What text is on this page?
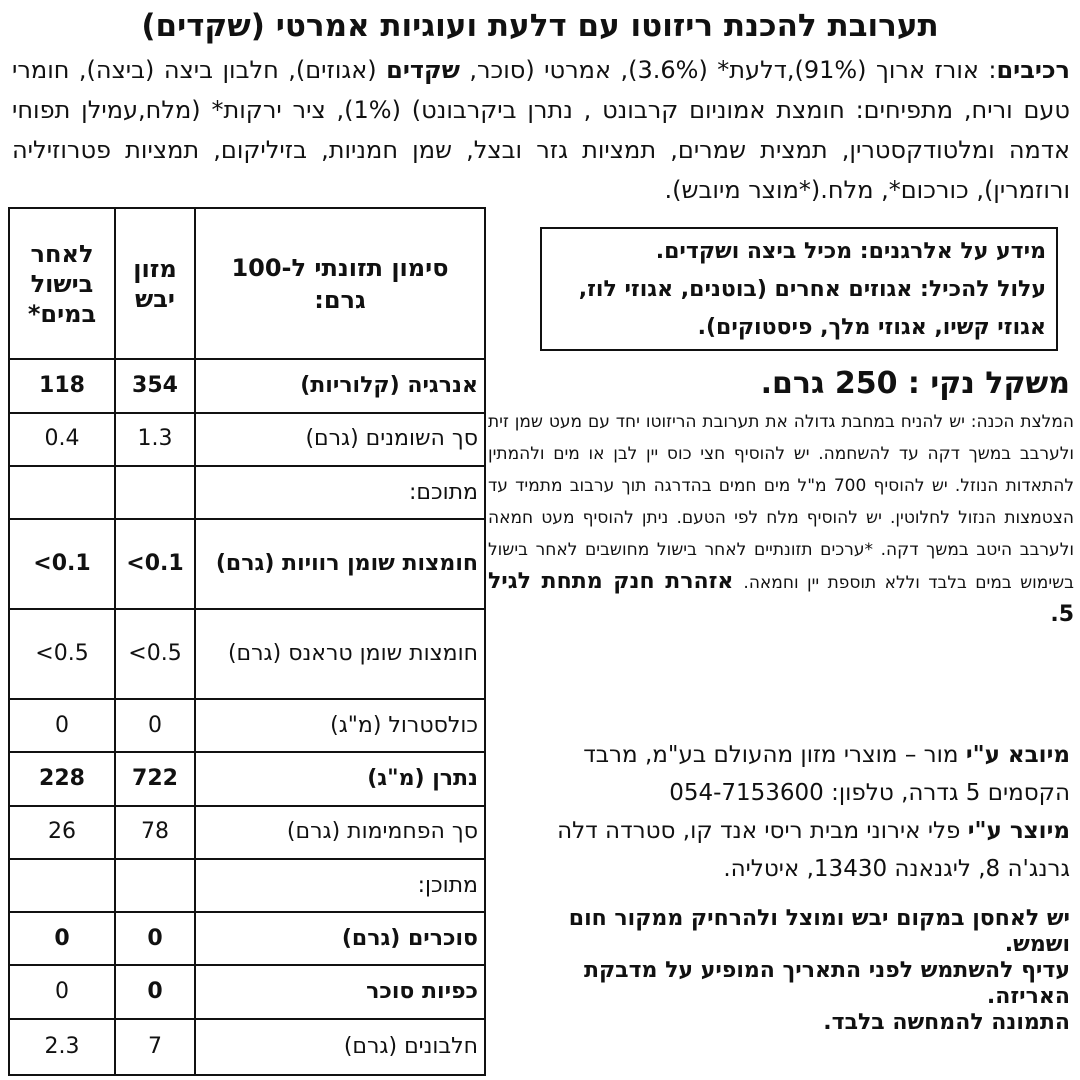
תערובת להכנת ריזוטו עם דלעת ועוגיות אמרטי (שקדים)
רכיבים: אורז ארוך (91%),דלעת* (3.6%), אמרטי (סוכר, שקדים (אגוזים), חלבון ביצה (ביצה), חומרי טעם וריח, מתפיחים: חומצת אמוניום קרבונט , נתרן ביקרבונט) (1%), ציר ירקות* (מלח,עמילן תפוחי אדמה ומלטודקסטרין, תמצית שמרים, תמציות גזר ובצל, שמן חמניות, בזיליקום, תמציות פטרוזיליה ורוזמרין), כורכום*, מלח.(*מוצר מיובש).
סימון תזונתי ל-100 גרם:	מזון יבש	לאחר בישול במים*
אנרגיה (קלוריות)	354	118
סך השומנים (גרם)	1.3	0.4
מתוכם:		
חומצות שומן רוויות (גרם)	0.1>	0.1>
חומצות שומן טראנס (גרם)	0.5>	0.5>
כולסטרול (מ"ג)	0	0
נתרן (מ"ג)	722	228
סך הפחמימות (גרם)	78	26
מתוכן:		
סוכרים (גרם)	0	0
כפיות סוכר	0	0
חלבונים (גרם)	7	2.3
מידע על אלרגנים: מכיל ביצה ושקדים.
עלול להכיל: אגוזים אחרים (בוטנים, אגוזי לוז, אגוזי קשיו, אגוזי מלך, פיסטוקים).
משקל נקי : 250 גרם.
המלצת הכנה: יש להניח במחבת גדולה את תערובת הריזוטו יחד עם מעט שמן זית ולערבב במשך דקה עד להשחמה. יש להוסיף חצי כוס יין לבן או מים ולהמתין להתאדות הנוזל. יש להוסיף 700 מ"ל מים חמים בהדרגה תוך ערבוב מתמיד עד הצטמצות הנזול לחלוטין. יש להוסיף מלח לפי הטעם. ניתן להוסיף מעט חמאה ולערבב היטב במשך דקה. *ערכים תזונתיים לאחר בישול מחושבים לאחר בישול בשימוש במים בלבד וללא תוספת יין וחמאה.אזהרת חנק מתחת לגיל 5.
מיובא ע"י מור – מוצרי מזון מהעולם בע"מ, מרבד הקסמים 5 גדרה, טלפון: 054-7153600
מיוצר ע"י פלי אירוני מבית ריסי אנד קו, סטרדה דלה גרנג'ה 8, ליגנאנה 13430, איטליה.
יש לאחסן במקום יבש ומוצל ולהרחיק ממקור חום ושמש.
עדיף להשתמש לפני התאריך המופיע על מדבקת האריזה.
התמונה להמחשה בלבד.
